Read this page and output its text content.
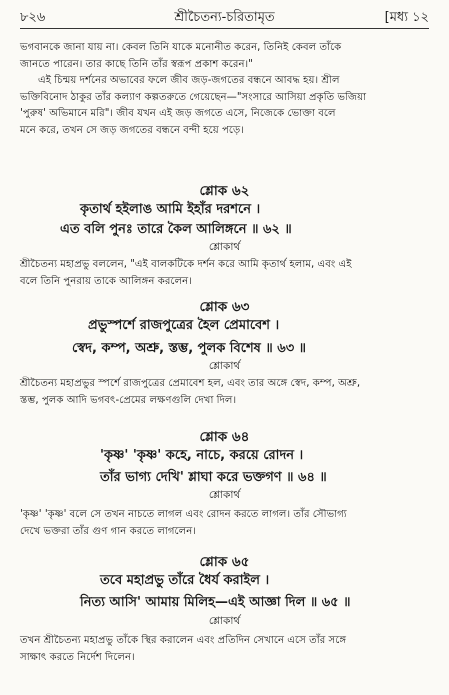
৮২৬	শ্রীচৈতন্য-চরিতামৃত	[মধ্য ১২

ভগবানকে জানা যায় না। কেবল তিনি যাকে মনোনীত করেন, তিনিই কেবল তাঁকে

জানতে পারেন। তার কাছে তিনি তাঁর স্বরূপ প্রকাশ করেন।"

এই চিন্ময় দর্শনের অভাবের ফলে জীব জড়-জগতের বন্ধনে আবদ্ধ হয়। শ্রীল

ভক্তিবিনোদ ঠাকুর তাঁর কল্যাণ কল্পতরুতে গেয়েছেন—"সংসারে আসিয়া প্রকৃতি ভজিয়া

'পুরুষ' অভিমানে মরি"। জীব যখন এই জড় জগতে এসে, নিজেকে ভোক্তা বলে

মনে করে, তখন সে জড় জগতের বন্ধনে বন্দী হয়ে পড়ে।

শ্লোক ৬২
কৃতার্থ হইলাঙ আমি ইহাঁর দরশনে ।
এত বলি পুনঃ তারে কৈল আলিঙ্গনে ॥ ৬২ ॥
শ্লোকার্থ
শ্রীচৈতন্য মহাপ্রভু বললেন, "এই বালকটিকে দর্শন করে আমি কৃতার্থ হলাম, এবং এই
বলে তিনি পুনরায় তাকে আলিঙ্গন করলেন।
শ্লোক ৬৩
প্রভুস্পর্শে রাজপুত্রের হৈল প্রেমাবেশ ।
স্বেদ, কম্প, অশ্রু, স্তম্ভ, পুলক বিশেষ ॥ ৬৩ ॥
শ্লোকার্থ
শ্রীচৈতন্য মহাপ্রভুর স্পর্শে রাজপুত্রের প্রেমাবেশ হল, এবং তার অঙ্গে স্বেদ, কম্প, অশ্রু,
স্তম্ভ, পুলক আদি ভগবৎ-প্রেমের লক্ষণগুলি দেখা দিল।
শ্লোক ৬৪
'কৃষ্ণ' 'কৃষ্ণ' কহে, নাচে, করয়ে রোদন ।
তাঁর ভাগ্য দেখি' শ্লাঘা করে ভক্তগণ ॥ ৬৪ ॥
শ্লোকার্থ
'কৃষ্ণ' 'কৃষ্ণ' বলে সে তখন নাচতে লাগল এবং রোদন করতে লাগল। তাঁর সৌভাগ্য
দেখে ভক্তরা তাঁর গুণ গান করতে লাগলেন।
শ্লোক ৬৫
তবে মহাপ্রভু তাঁরে ধৈর্য করাইল ।
নিত্য আসি' আমায় মিলিহ—এই আজ্ঞা দিল ॥ ৬৫ ॥
শ্লোকার্থ
তখন শ্রীচৈতন্য মহাপ্রভু তাঁকে স্থির করালেন এবং প্রতিদিন সেখানে এসে তাঁর সঙ্গে
সাক্ষাৎ করতে নির্দেশ দিলেন।
